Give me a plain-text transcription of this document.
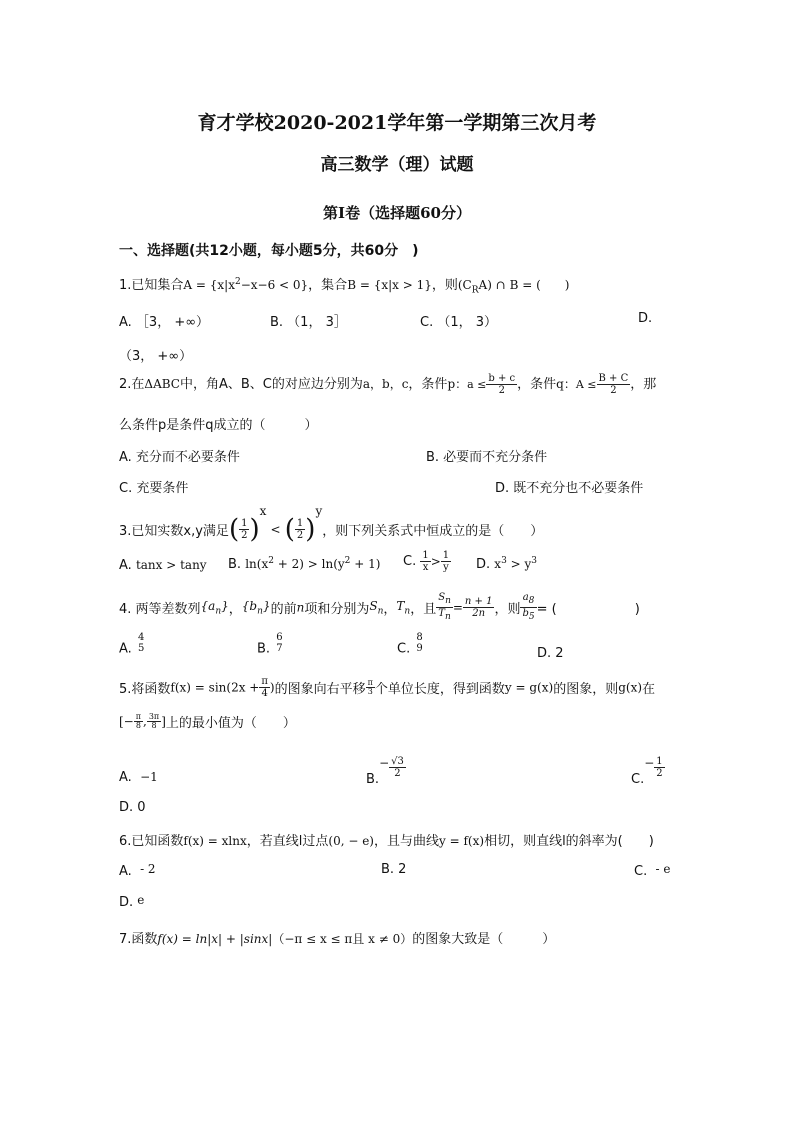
育才学校2020-2021学年第一学期第三次月考
高三数学（理）试题
第I卷（选择题60分）
一、选择题(共12小题，每小题5分，共60分　)
1.已知集合$A = \{x|x^2-x-6 < 0\}$，集合B = {x|x > 1}，则$(C_RA)$ ∩ B = (　　)
A. ［3， +∞）	B. （1， 3］	C. （1， 3）	D.
（3， +∞）
2.在ΔABC中，角A、B、C的对应边分别为a，b，c，条件p：$a \le \frac{b + c}{2}$ ，条件q：$A \le \frac{B + C}{2}$ ，那
么条件p是条件q成立的（　　　）
A. 充分而不必要条件	B. 必要而不充分条件
C. 充要条件	D. 既不充分也不必要条件
3.已知实数x,y满足( $\frac{1}{2} )^x$ < ( $\frac{1}{2} )^y$，则下列关系式中恒成立的是（　　）
A. tanx > tany B. $\ln(x^2 + 2) > \ln(y^2 + 1)$ C. $\frac{1}{x} > \frac{1}{y} D$. $x^3 > y^3$
4. 两等差数列$\{a_n\}$，$\{b_n\}$的前n项和分别为$S_n$，$T_n$，且 $\frac{S_n}{T_n} = \frac{n + 1}{2n}$ ，则 $\frac{a_8}{b_5}$ = (　　　　　　)
A.
4
5	B.
6
7	C.
8
9	D. 2
5.将函数$f(x) = \sin(2x + \frac{\pi}{4}$ )的图象向右平移 $\frac{\pi}{3}$ 个单位长度，得到函数y = g(x)的图象，则g(x)在
[− $\frac{\pi}{8}$ , $\frac{3\pi}{8}$ ]上的最小值为（　　）
A. −1	$B.- \frac{√3}{2}$
$C.- \frac{1}{2}$
D. 0
6.已知函数f(x) = xlnx，若直线l过点(0, − e)，且与曲线y = f(x)相切，则直线l的斜率为(　　)
A. - 2	B. 2	C. - e
D. e
7.函数f(x) = ln|x| + |sinx|（−π ≤ x ≤ π且 x ≠ 0）的图象大致是（　　　）
